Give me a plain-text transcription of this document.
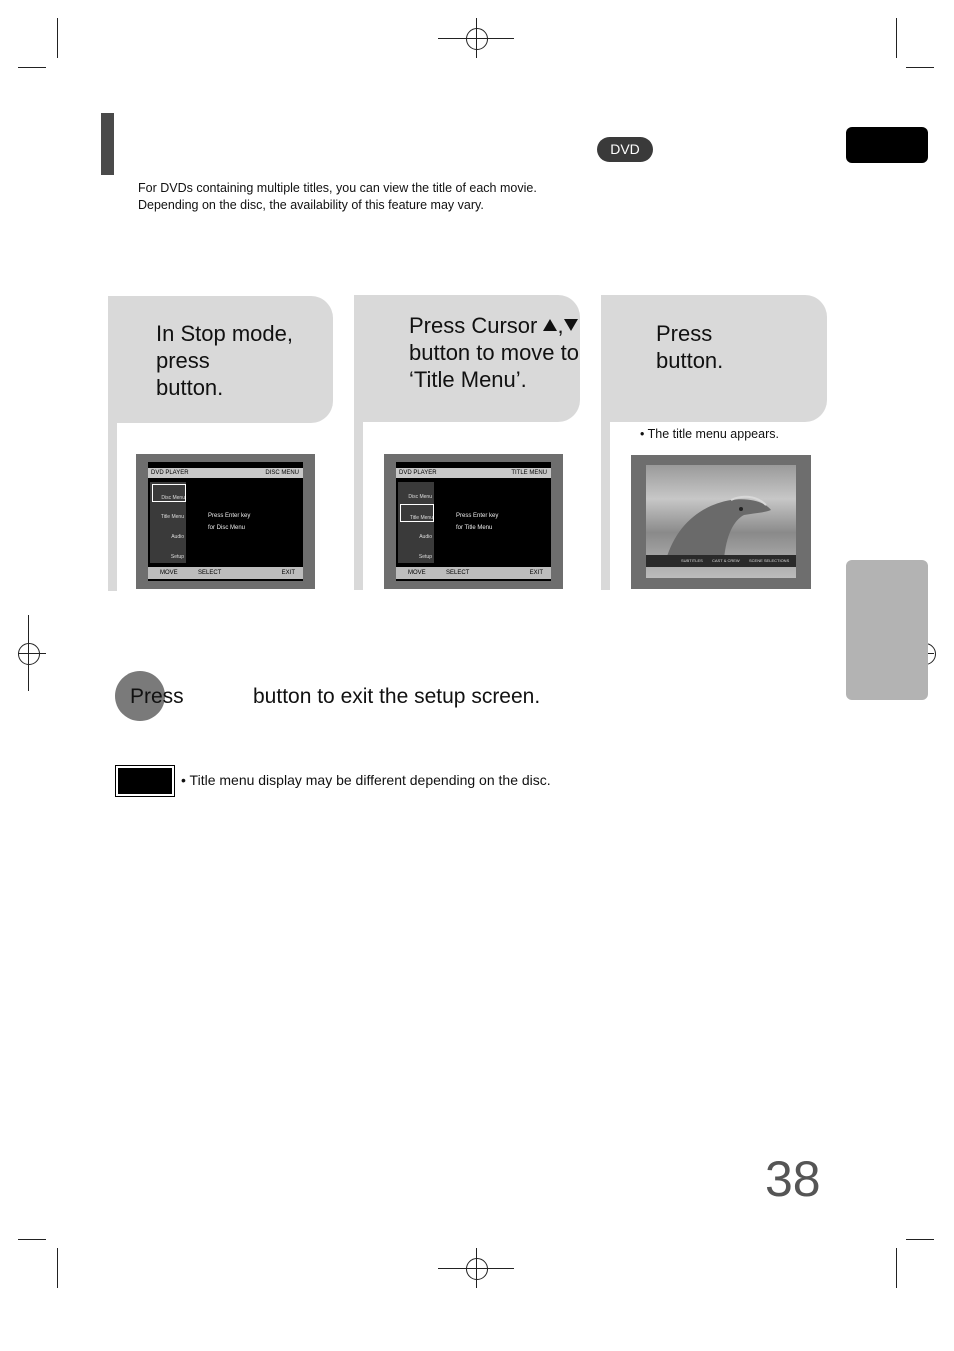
DVD
For DVDs containing multiple titles, you can view the title of each movie.
Depending on the disc, the availability of this feature may vary.
In Stop mode,
press
button.
Press Cursor ,
button to move to
‘Title Menu’.
Press
button.
DVD PLAYER	DISC MENU
Disc Menu
Title Menu
Audio
Setup
Press Enter key
for Disc Menu
MOVE	SELECT	EXIT
DVD PLAYER	TITLE MENU
Disc Menu
Title Menu
Audio
Setup
Press Enter key
for Title Menu
MOVE	SELECT	EXIT
• The title menu appears.
SUBTITLES CAST & CREW SCENE SELECTIONS
Press	button to exit the setup screen.
• Title menu display may be different depending on the disc.
38
